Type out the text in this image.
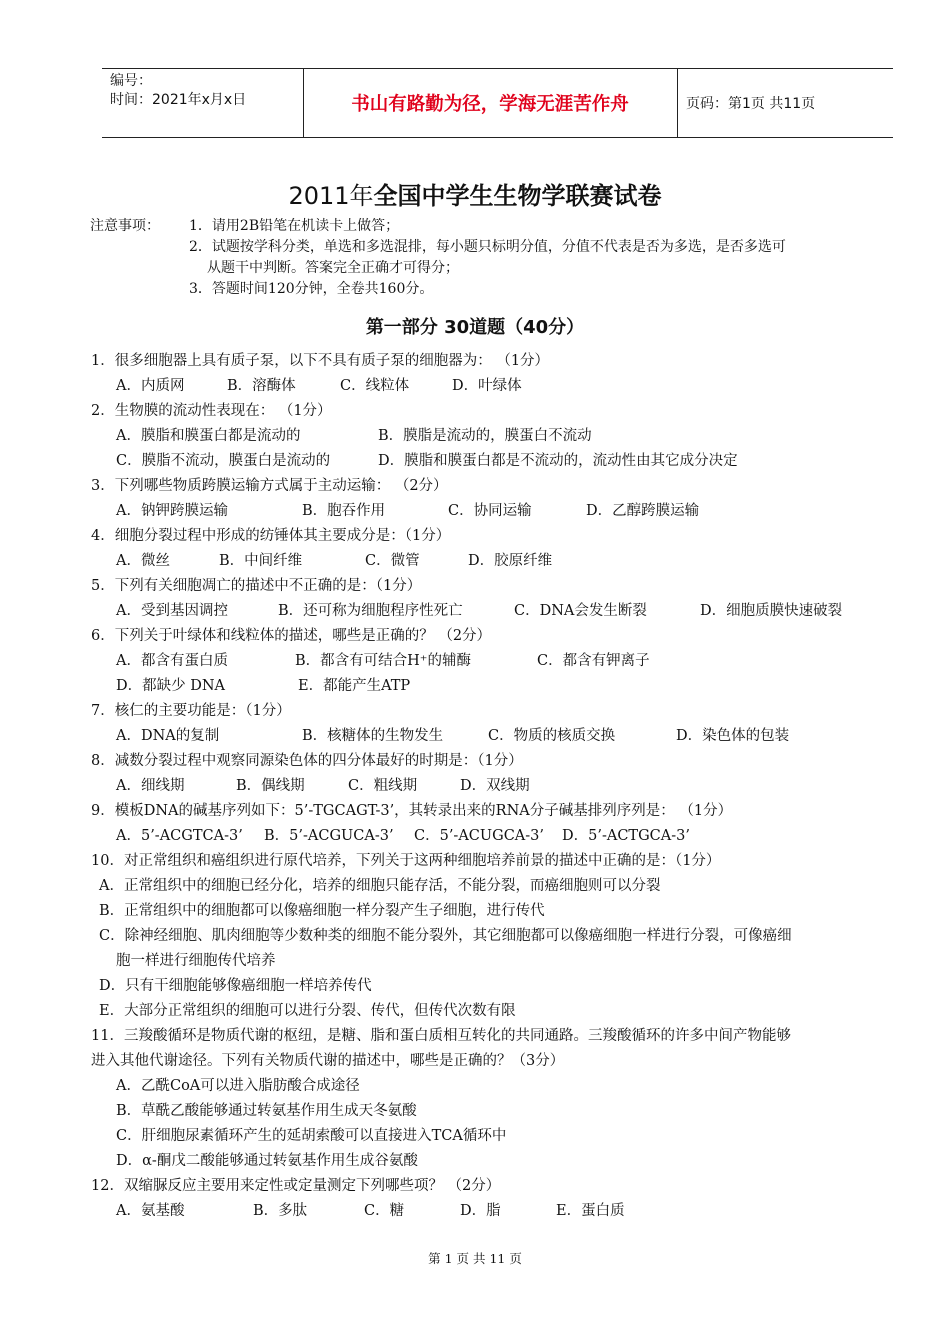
编号：
时间：2021年x月x日	书山有路勤为径，学海无涯苦作舟	页码：第1页 共11页
2011年全国中学生生物学联赛试卷
注意事项： 1．请用2B铅笔在机读卡上做答；
2．试题按学科分类，单选和多选混排，每小题只标明分值，分值不代表是否为多选，是否多选可
从题干中判断。答案完全正确才可得分；
3．答题时间120分钟，全卷共160分。
第一部分 30道题（40分）
1．很多细胞器上具有质子泵，以下不具有质子泵的细胞器为： （1分）
A．内质网	B．溶酶体	C．线粒体	D．叶绿体
2．生物膜的流动性表现在： （1分）
A．膜脂和膜蛋白都是流动的	B．膜脂是流动的，膜蛋白不流动
C．膜脂不流动，膜蛋白是流动的	D．膜脂和膜蛋白都是不流动的，流动性由其它成分决定
3．下列哪些物质跨膜运输方式属于主动运输： （2分）
A．钠钾跨膜运输	B．胞吞作用	C．协同运输	D．乙醇跨膜运输
4．细胞分裂过程中形成的纺锤体其主要成分是：（1分）
A．微丝	B．中间纤维	C．微管	D．胶原纤维
5．下列有关细胞凋亡的描述中不正确的是：（1分）
A．受到基因调控	B．还可称为细胞程序性死亡	C．DNA会发生断裂	D．细胞质膜快速破裂
6．下列关于叶绿体和线粒体的描述，哪些是正确的？ （2分）
A．都含有蛋白质	B．都含有可结合H⁺的辅酶	C．都含有钾离子
D．都缺少 DNA	E．都能产生ATP
7．核仁的主要功能是：（1分）
A．DNA的复制	B．核糖体的生物发生	C．物质的核质交换	D．染色体的包装
8．减数分裂过程中观察同源染色体的四分体最好的时期是：（1分）
A．细线期	B．偶线期	C．粗线期	D．双线期
9．模板DNA的碱基序列如下：5’-TGCAGT-3’，其转录出来的RNA分子碱基排列序列是： （1分）
A．5’-ACGTCA-3’ B．5’-ACGUCA-3’ C．5’-ACUGCA-3’ D．5’-ACTGCA-3’
10．对正常组织和癌组织进行原代培养，下列关于这两种细胞培养前景的描述中正确的是：（1分）
A．正常组织中的细胞已经分化，培养的细胞只能存活，不能分裂，而癌细胞则可以分裂
B．正常组织中的细胞都可以像癌细胞一样分裂产生子细胞，进行传代
C．除神经细胞、肌肉细胞等少数种类的细胞不能分裂外，其它细胞都可以像癌细胞一样进行分裂，可像癌细
胞一样进行细胞传代培养
D．只有干细胞能够像癌细胞一样培养传代
E．大部分正常组织的细胞可以进行分裂、传代，但传代次数有限
11．三羧酸循环是物质代谢的枢纽，是糖、脂和蛋白质相互转化的共同通路。三羧酸循环的许多中间产物能够
进入其他代谢途径。下列有关物质代谢的描述中，哪些是正确的？（3分）
A．乙酰CoA可以进入脂肪酸合成途径
B．草酰乙酸能够通过转氨基作用生成天冬氨酸
C．肝细胞尿素循环产生的延胡索酸可以直接进入TCA循环中
D．α-酮戊二酸能够通过转氨基作用生成谷氨酸
12．双缩脲反应主要用来定性或定量测定下列哪些项？ （2分）
A．氨基酸	B．多肽	C．糖	D．脂	E．蛋白质
第 1 页 共 11 页
